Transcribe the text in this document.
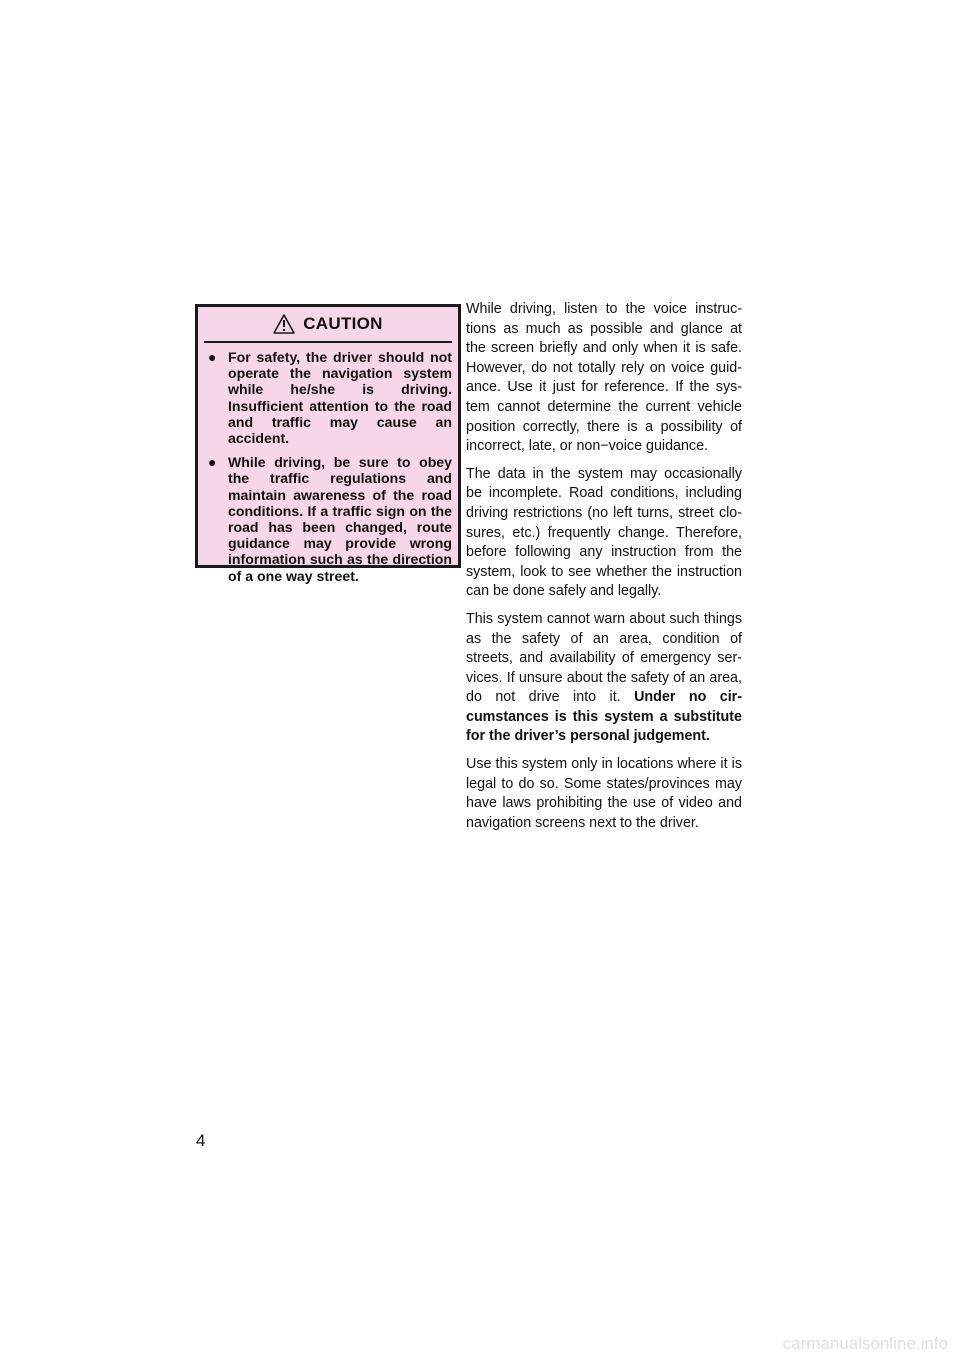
CAUTION
● For safety, the driver should not operate the navigation system while he/she is driving. Insufficient attention to the road and traffic may cause an accident.
● While driving, be sure to obey the traffic regulations and maintain awareness of the road conditions. If a traffic sign on the road has been changed, route guidance may provide wrong information such as the direction of a one way street.

While driving, listen to the voice instruc-tions as much as possible and glance at the screen briefly and only when it is safe. However, do not totally rely on voice guid-ance. Use it just for reference. If the sys-tem cannot determine the current vehicle position correctly, there is a possibility of incorrect, late, or non−voice guidance.

The data in the system may occasionally be incomplete. Road conditions, including driving restrictions (no left turns, street clo-sures, etc.) frequently change. Therefore, before following any instruction from the system, look to see whether the instruction can be done safely and legally.

This system cannot warn about such things as the safety of an area, condition of streets, and availability of emergency ser-vices. If unsure about the safety of an area, do not drive into it. Under no cir-cumstances is this system a substitute for the driver’s personal judgement.

Use this system only in locations where it is legal to do so. Some states/provinces may have laws prohibiting the use of video and navigation screens next to the driver.

4
carmanualsonline.info
